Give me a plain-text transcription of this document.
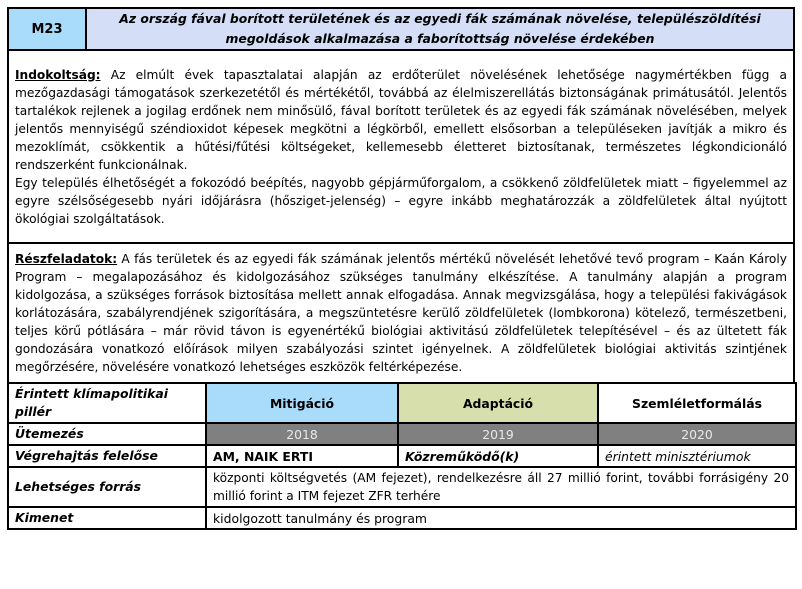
M23	Az ország fával borított területének és az egyedi fák számának növelése, települészöldítési megoldások alkalmazása a faborítottság növelése érdekében

Indokoltság: Az elmúlt évek tapasztalatai alapján az erdőterület növelésének lehetősége nagymértékben függ a mezőgazdasági támogatások szerkezetétől és mértékétől, továbbá az élelmiszerellátás biztonságának primátusától. Jelentős tartalékok rejlenek a jogilag erdőnek nem minősülő, fával borított területek és az egyedi fák számának növelésében, melyek jelentős mennyiségű széndioxidot képesek megkötni a légkörből, emellett elsősorban a településeken javítják a mikro és mezoklímát, csökkentik a hűtési/fűtési költségeket, kellemesebb életteret biztosítanak, természetes légkondicionáló rendszerként funkcionálnak.

Egy település élhetőségét a fokozódó beépítés, nagyobb gépjárműforgalom, a csökkenő zöldfelületek miatt – figyelemmel az egyre szélsőségesebb nyári időjárásra (hősziget-jelenség) – egyre inkább meghatározzák a zöldfelületek által nyújtott ökológiai szolgáltatások.

Részfeladatok: A fás területek és az egyedi fák számának jelentős mértékű növelését lehetővé tevő program – Kaán Károly Program – megalapozásához és kidolgozásához szükséges tanulmány elkészítése. A tanulmány alapján a program kidolgozása, a szükséges források biztosítása mellett annak elfogadása. Annak megvizsgálása, hogy a települési fakivágások korlátozására, szabályrendjének szigorítására, a megszüntetésre kerülő zöldfelületek (lombkorona) kötelező, természetbeni, teljes körű pótlására – már rövid távon is egyenértékű biológiai aktivitású zöldfelületek telepítésével – és az ültetett fák gondozására vonatkozó előírások milyen szabályozási szintet igényelnek. A zöldfelületek biológiai aktivitás szintjének megőrzésére, növelésére vonatkozó lehetséges eszközök feltérképezése.

Érintett klímapolitikai pillér	Mitigáció	Adaptáció	Szemléletformálás
Ütemezés	2018	2019	2020
Végrehajtás felelőse	AM, NAIK ERTI	Közreműködő(k)	érintett minisztériumok
Lehetséges forrás	központi költségvetés (AM fejezet), rendelkezésre áll 27 millió forint, további forrásigény 20 millió forint a ITM fejezet ZFR terhére		
Kimenet	kidolgozott tanulmány és program		
